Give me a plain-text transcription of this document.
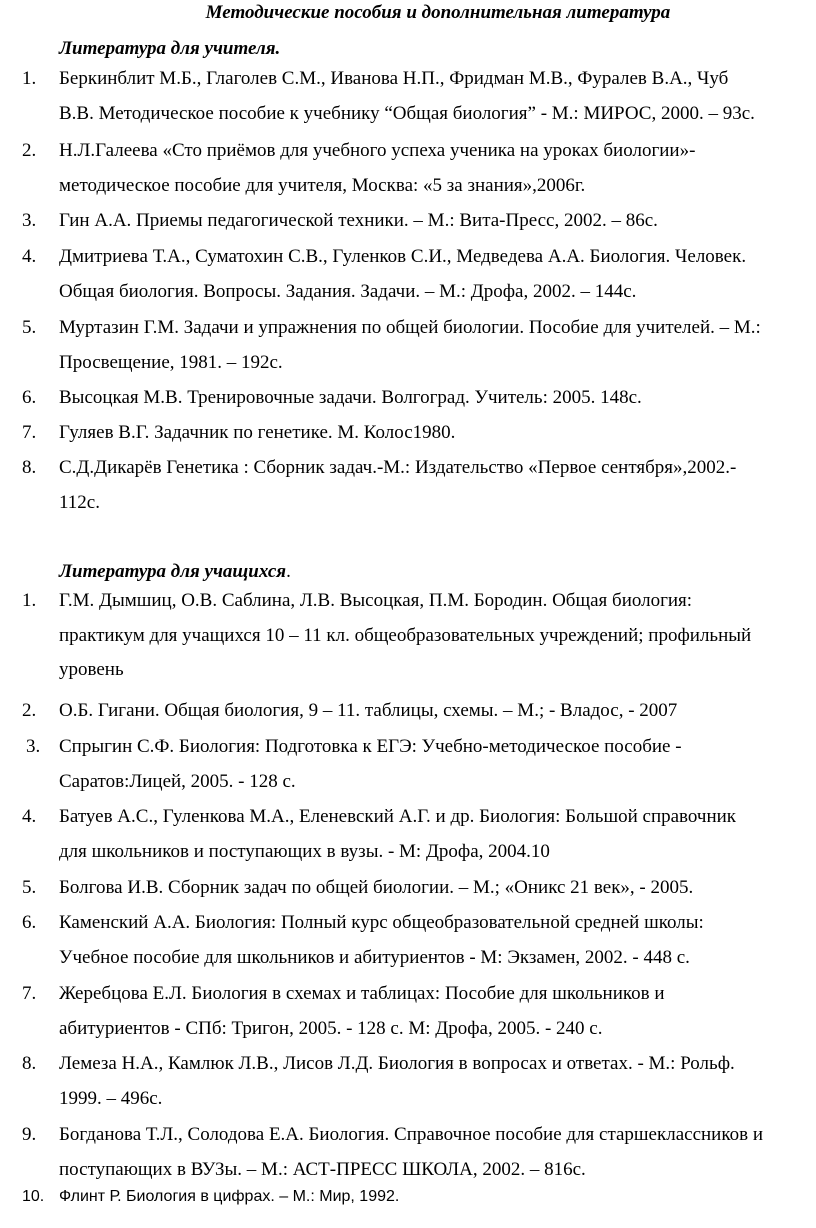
Методические пособия и дополнительная литература
Литература для учителя.
1. Беркинблит М.Б., Глаголев С.М., Иванова Н.П., Фридман М.В., Фуралев В.А., Чуб
В.В. Методическое пособие к учебнику “Общая биология” - М.: МИРОС, 2000. – 93с.
2. Н.Л.Галеева «Сто приёмов для учебного успеха ученика на уроках биологии»-
методическое пособие для учителя, Москва: «5 за знания»,2006г.
3. Гин А.А. Приемы педагогической техники. – М.: Вита-Пресс, 2002. – 86с.
4. Дмитриева Т.А., Суматохин С.В., Гуленков С.И., Медведева А.А. Биология. Человек.
Общая биология. Вопросы. Задания. Задачи. – М.: Дрофа, 2002. – 144с.
5. Муртазин Г.М. Задачи и упражнения по общей биологии. Пособие для учителей. – М.:
Просвещение, 1981. – 192с.
6. Высоцкая М.В. Тренировочные задачи. Волгоград. Учитель: 2005. 148с.
7. Гуляев В.Г. Задачник по генетике. М. Колос1980.
8. С.Д.Дикарёв Генетика : Сборник задач.-М.: Издательство «Первое сентября»,2002.-
112с.
Литература для учащихся.
1. Г.М. Дымшиц, О.В. Саблина, Л.В. Высоцкая, П.М. Бородин. Общая биология:
практикум для учащихся 10 – 11 кл. общеобразовательных учреждений; профильный
уровень
2. О.Б. Гигани. Общая биология, 9 – 11. таблицы, схемы. – М.; - Владос, - 2007
3. Спрыгин С.Ф. Биология: Подготовка к ЕГЭ: Учебно-методическое пособие -
Саратов:Лицей, 2005. - 128 с.
4. Батуев А.С., Гуленкова М.А., Еленевский А.Г. и др. Биология: Большой справочник
для школьников и поступающих в вузы. - М: Дрофа, 2004.10
5. Болгова И.В. Сборник задач по общей биологии. – М.; «Оникс 21 век», - 2005.
6. Каменский А.А. Биология: Полный курс общеобразовательной средней школы:
Учебное пособие для школьников и абитуриентов - М: Экзамен, 2002. - 448 с.
7. Жеребцова Е.Л. Биология в схемах и таблицах: Пособие для школьников и
абитуриентов - СПб: Тригон, 2005. - 128 с. М: Дрофа, 2005. - 240 с.
8. Лемеза Н.А., Камлюк Л.В., Лисов Л.Д. Биология в вопросах и ответах. - М.: Рольф.
1999. – 496с.
9. Богданова Т.Л., Солодова Е.А. Биология. Справочное пособие для старшеклассников и
поступающих в ВУЗы. – М.: АСТ-ПРЕСС ШКОЛА, 2002. – 816с.
10. Флинт Р. Биология в цифрах. – М.: Мир, 1992.
